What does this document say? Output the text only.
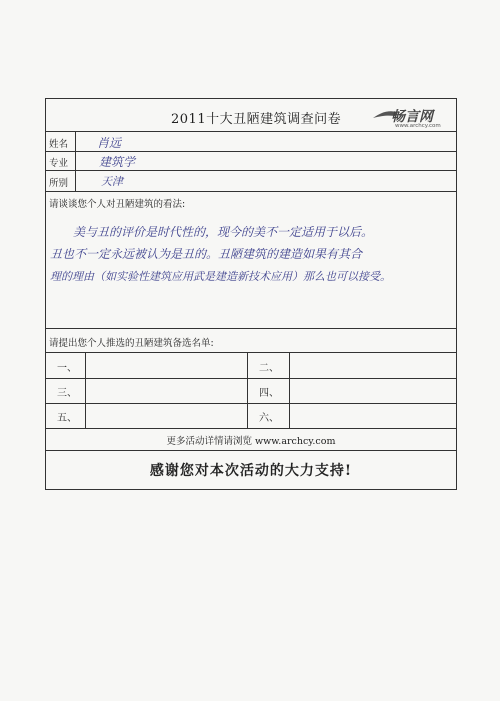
2011十大丑陋建筑调查问卷	畅言网
www.archcy.com
姓名 肖远
专业	建筑学
所别	天津
请谈谈您个人对丑陋建筑的看法:
美与丑的评价是时代性的，现今的美不一定适用于以后。
丑也不一定永远被认为是丑的。丑陋建筑的建造如果有其合
理的理由（如实验性建筑应用武是建造新技术应用）那么也可以接受。
请提出您个人推选的丑陋建筑备选名单:
一、	二、
三、	四、
五、	六、
更多活动详情请浏览 www.archcy.com
感谢您对本次活动的大力支持!
